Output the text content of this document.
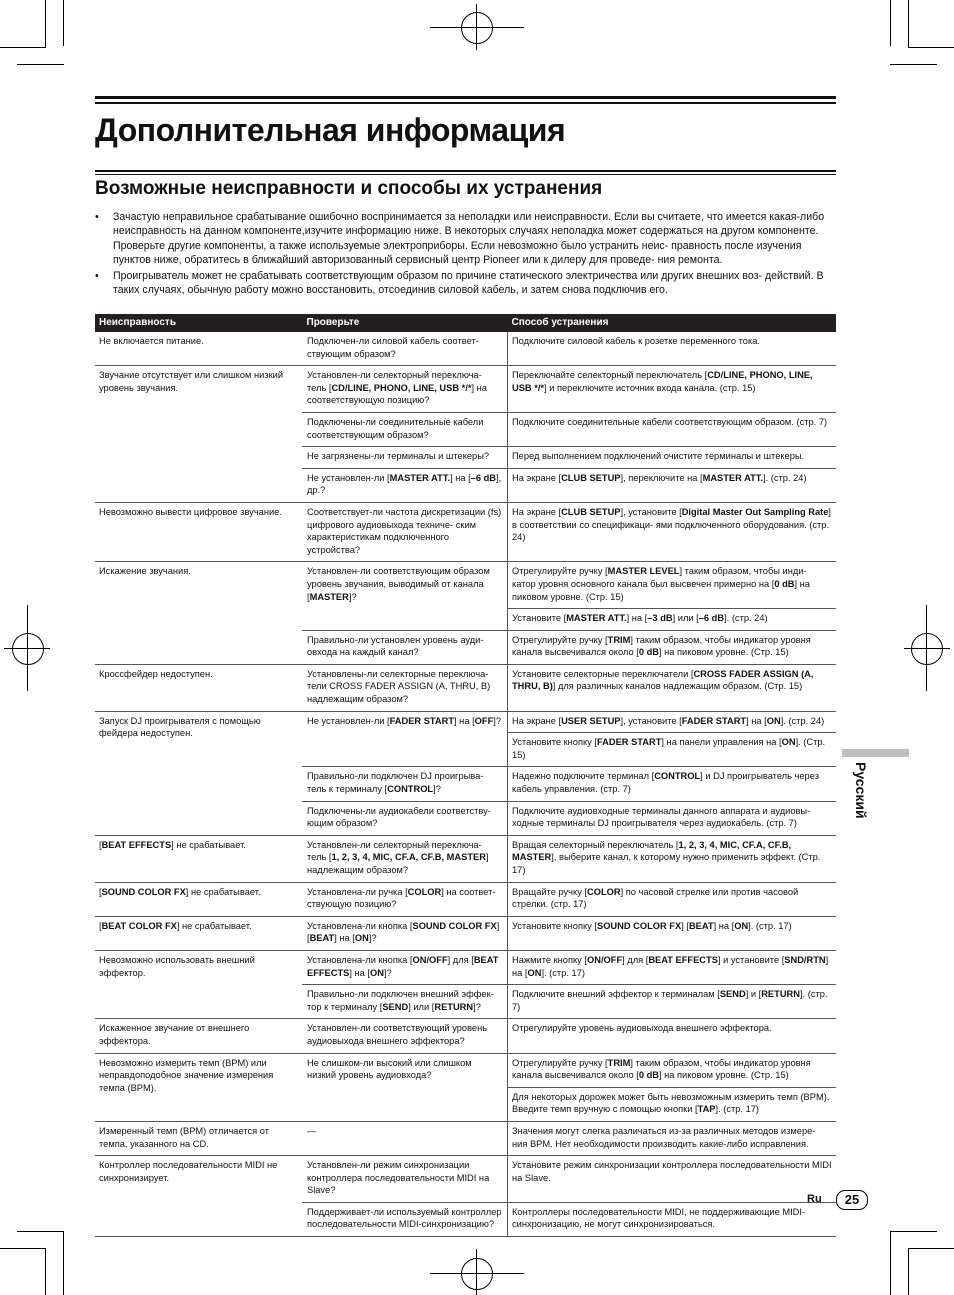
Дополнительная информация
Возможные неисправности и способы их устранения
•	Зачастую неправильное срабатывание ошибочно воспринимается за неполадки или неисправности. Если вы считаете, что имеется какая-либо неисправность на данном компоненте,изучите информацию ниже. В некоторых случаях неполадка может содержаться на другом компоненте. Проверьте другие компоненты, а также используемые электроприборы. Если невозможно было устранить неис- правность после изучения пунктов ниже, обратитесь в ближайший авторизованный сервисный центр Pioneer или к дилеру для проведе- ния ремонта.
•	Проигрыватель может не срабатывать соответствующим образом по причине статического электричества или других внешних воз- действий. В таких случаях, обычную работу можно восстановить, отсоединив силовой кабель, и затем снова подключив его.
Неисправность	Проверьте	Способ устранения
Не включается питание.	Подключен-ли силовой кабель соответ- ствующим образом?	Подключите силовой кабель к розетке переменного тока.
Звучание отсутствует или слишком низкий уровень звучания.	Установлен-ли селекторный переключа- тель [CD/LINE, PHONO, LINE, USB */*] на соответствующую позицию?	Переключайте селекторный переключатель [CD/LINE, PHONO, LINE, USB */*] и переключите источник входа канала. (стр. 15)
	Подключены-ли соединительные кабели соответствующим образом?	Подключите соединительные кабели соответствующим образом. (стр. 7)
	Не загрязнены-ли терминалы и штекеры?	Перед выполнением подключений очистите терминалы и штекеры.
	Не установлен-ли [MASTER ATT.] на [–6 dB], др.?	На экране [CLUB SETUP], переключите на [MASTER ATT.]. (стр. 24)
Невозможно вывести цифровое звучание.	Соответствует-ли частота дискретизации (fs) цифрового аудиовыхода техниче- ским характеристикам подключенного устройства?	На экране [CLUB SETUP], установите [Digital Master Out Sampling Rate] в соответствии со спецификаци- ями подключенного оборудования. (стр. 24)
Искажение звучания.	Установлен-ли соответствующим образом уровень звучания, выводимый от канала [MASTER]?	Отрегулируйте ручку [MASTER LEVEL] таким образом, чтобы инди- катор уровня основного канала был высвечен примерно на [0 dB] на пиковом уровне. (Стр. 15)
		Установите [MASTER ATT.] на [–3 dB] или [–6 dB]. (стр. 24)
	Правильно-ли установлен уровень ауди- овхода на каждый канал?	Отрегулируйте ручку [TRIM] таким образом, чтобы индикатор уровня канала высвечивался около [0 dB] на пиковом уровне. (Стр. 15)
Кроссфейдер недоступен.	Установлены-ли селекторные переключа- тели CROSS FADER ASSIGN (A, THRU, B) надлежащим образом?	Установите селекторные переключатели [CROSS FADER ASSIGN (A, THRU, B)] для различных каналов надлежащим образом. (Стр. 15)
Запуск DJ проигрывателя с помощью фейдера недоступен.	Не установлен-ли [FADER START] на [OFF]?	На экране [USER SETUP], установите [FADER START] на [ON]. (стр. 24)
		Установите кнопку [FADER START] на панели управления на [ON]. (Стр. 15)
	Правильно-ли подключен DJ проигрыва- тель к терминалу [CONTROL]?	Надежно подключите терминал [CONTROL] и DJ проигрыватель через кабель управления. (стр. 7)
	Подключены-ли аудиокабели соответству- ющим образом?	Подключите аудиовходные терминалы данного аппарата и аудиовы- ходные терминалы DJ проигрывателя через аудиокабель. (стр. 7)
[BEAT EFFECTS] не срабатывает.	Установлен-ли селекторный переключа- тель [1, 2, 3, 4, MIC, CF.A, CF.B, MASTER] надлежащим образом?	Вращая селекторный переключатель [1, 2, 3, 4, MIC, CF.A, CF.B, MASTER], выберите канал, к которому нужно применить эффект. (Стр. 17)
[SOUND COLOR FX] не срабатывает.	Установлена-ли ручка [COLOR] на соответ- ствующую позицию?	Вращайте ручку [COLOR] по часовой стрелке или против часовой стрелки. (стр. 17)
[BEAT COLOR FX] не срабатывает.	Установлена-ли кнопка [SOUND COLOR FX] [BEAT] на [ON]?	Установите кнопку [SOUND COLOR FX] [BEAT] на [ON]. (стр. 17)
Невозможно использовать внешний эффектор.	Установлена-ли кнопка [ON/OFF] для [BEAT EFFECTS] на [ON]?	Нажмите кнопку [ON/OFF] для [BEAT EFFECTS] и установите [SND/RTN] на [ON]. (стр. 17)
	Правильно-ли подключен внешний эффек- тор к терминалу [SEND] или [RETURN]?	Подключите внешний эффектор к терминалам [SEND] и [RETURN]. (стр. 7)
Искаженное звучание от внешнего эффектора.	Установлен-ли соответствующий уровень аудиовыхода внешнего эффектора?	Отрегулируйте уровень аудиовыхода внешнего эффектора.
Невозможно измерить темп (BPM) или неправдоподобное значение измерения темпа (BPM).	Не слишком-ли высокий или слишком низкий уровень аудиовхода?	Отрегулируйте ручку [TRIM] таким образом, чтобы индикатор уровня канала высвечивался около [0 dB] на пиковом уровне. (Стр. 15)
		Для некоторых дорожек может быть невозможным измерить темп (BPM). Введите темп вручную с помощью кнопки [TAP]. (стр. 17)
Измеренный темп (BPM) отличается от темпа, указанного на CD.	—	Значения могут слегка различаться из-за различных методов измере- ния BPM. Нет необходимости производить какие-либо исправления.
Контроллер последовательности MIDI не синхронизирует.	Установлен-ли режим синхронизации контроллера последовательности MIDI на Slave?	Установите режим синхронизации контроллера последовательности MIDI на Slave.
	Поддерживает-ли используемый контроллер последовательности MIDI-синхронизацию?	Контроллеры последовательности MIDI, не поддерживающие MIDI- синхронизацию, не могут синхронизироваться.
Русский
Ru	25
